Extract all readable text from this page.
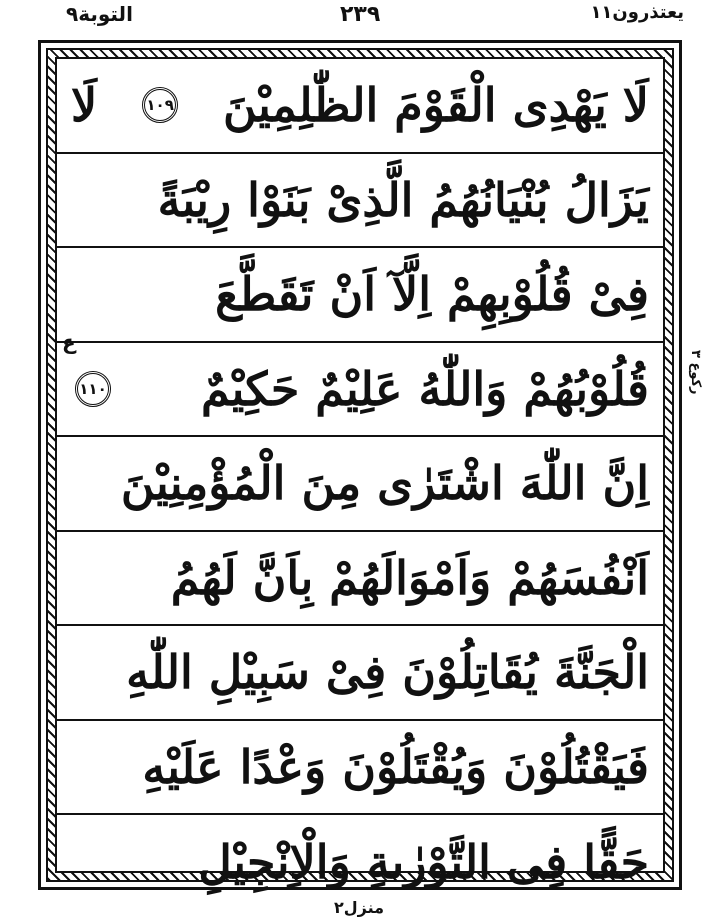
التوبة٩	٢٣٩	يعتذرون١١
لَا يَهْدِى الْقَوْمَ الظّٰلِمِيْنَ
١٠٩
لَا
يَزَالُ بُنْيَانُهُمُ الَّذِىْ بَنَوْا رِيْبَةً
فِىْ قُلُوْبِهِمْ اِلَّآ اَنْ تَقَطَّعَ
قُلُوْبُهُمْ وَاللّٰهُ عَلِيْمٌ حَكِيْمٌ
١١٠
اِنَّ اللّٰهَ اشْتَرٰى مِنَ الْمُؤْمِنِيْنَ
اَنْفُسَهُمْ وَاَمْوَالَهُمْ بِاَنَّ لَهُمُ
الْجَنَّةَ يُقَاتِلُوْنَ فِىْ سَبِيْلِ اللّٰهِ
فَيَقْتُلُوْنَ وَيُقْتَلُوْنَ وَعْدًا عَلَيْهِ
حَقًّا فِى التَّوْرٰىةِ وَالْاِنْجِيْلِ
ع	ركوع ٣
منزل٢
